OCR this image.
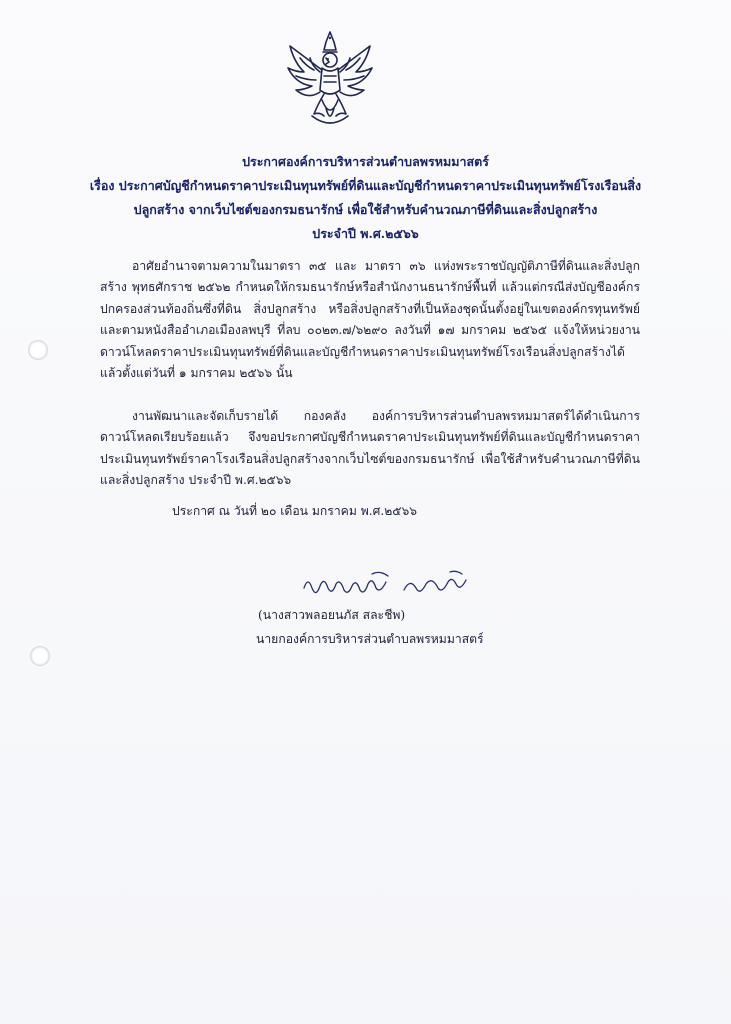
ประกาศองค์การบริหารส่วนตำบลพรหมมาสตร์
เรื่อง ประกาศบัญชีกำหนดราคาประเมินทุนทรัพย์ที่ดินและบัญชีกำหนดราคาประเมินทุนทรัพย์โรงเรือนสิ่ง
ปลูกสร้าง จากเว็บไซต์ของกรมธนารักษ์ เพื่อใช้สำหรับคำนวณภาษีที่ดินและสิ่งปลูกสร้าง
ประจำปี พ.ศ.๒๕๖๖
อาศัยอำนาจตามความในมาตรา ๓๕ และ มาตรา ๓๖ แห่งพระราชบัญญัติภาษีที่ดินและสิ่งปลูกสร้าง พุทธศักราช ๒๕๖๒ กำหนดให้กรมธนารักษ์หรือสำนักงานธนารักษ์พื้นที่ แล้วแต่กรณีส่งบัญชีองค์กรปกครองส่วนท้องถิ่นซึ่งที่ดิน สิ่งปลูกสร้าง หรือสิ่งปลูกสร้างที่เป็นห้องชุดนั้นตั้งอยู่ในเขตองค์กรทุนทรัพย์ และตามหนังสืออำเภอเมืองลพบุรี ที่ลบ ๐๐๒๓.๗/๖๒๙๐ ลงวันที่ ๑๗ มกราคม ๒๕๖๕ แจ้งให้หน่วยงานดาวน์โหลดราคาประเมินทุนทรัพย์ที่ดินและบัญชีกำหนดราคาประเมินทุนทรัพย์โรงเรือนสิ่งปลูกสร้างได้แล้วตั้งแต่วันที่ ๑ มกราคม ๒๕๖๖ นั้น
งานพัฒนาและจัดเก็บรายได้ กองคลัง องค์การบริหารส่วนตำบลพรหมมาสตร์ได้ดำเนินการดาวน์โหลดเรียบร้อยแล้ว จึงขอประกาศบัญชีกำหนดราคาประเมินทุนทรัพย์ที่ดินและบัญชีกำหนดราคาประเมินทุนทรัพย์ราคาโรงเรือนสิ่งปลูกสร้างจากเว็บไซต์ของกรมธนารักษ์ เพื่อใช้สำหรับคำนวณภาษีที่ดินและสิ่งปลูกสร้าง ประจำปี พ.ศ.๒๕๖๖
ประกาศ ณ วันที่ ๒๐ เดือน มกราคม พ.ศ.๒๕๖๖
(นางสาวพลอยนภัส สละชีพ)
นายกองค์การบริหารส่วนตำบลพรหมมาสตร์
